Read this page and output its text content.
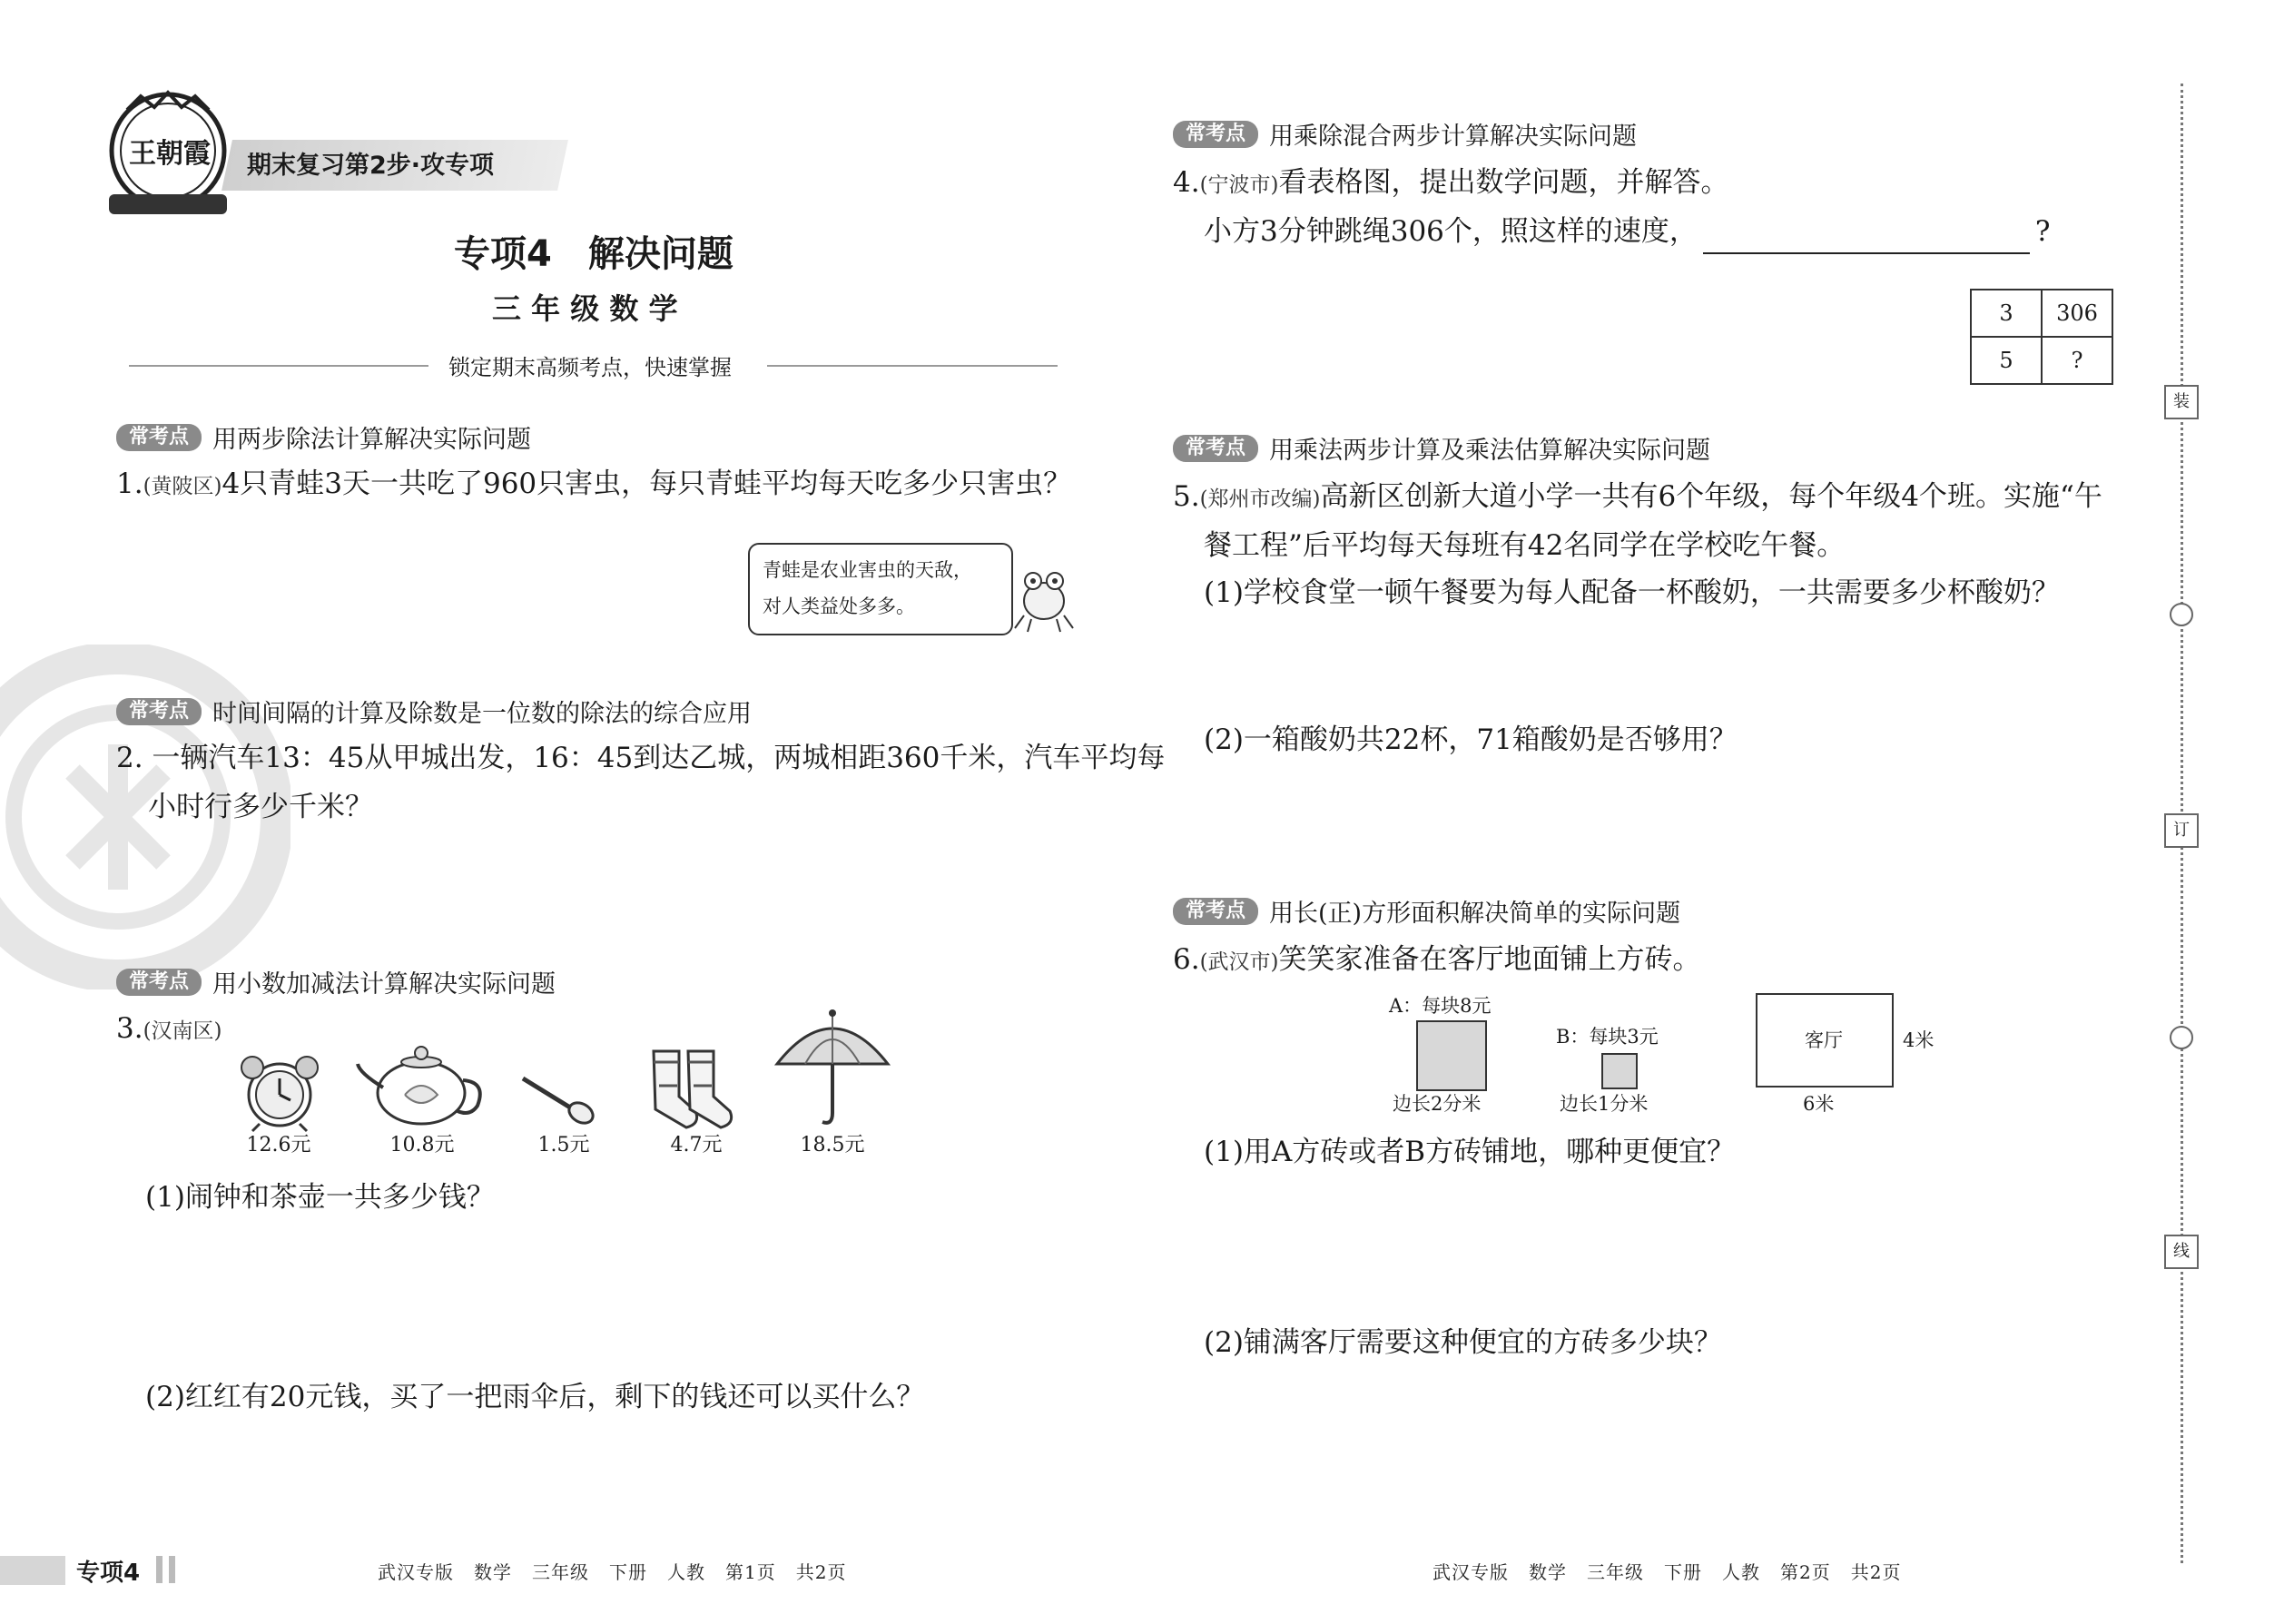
王朝霞	期末复习第2步·攻专项
专项4　解决问题
三 年 级 数 学
锁定期末高频考点，快速掌握
常考点 用两步除法计算解决实际问题
1.(黄陂区)4只青蛙3天一共吃了960只害虫，每只青蛙平均每天吃多少只害虫？
青蛙是农业害虫的天敌，
对人类益处多多。
常考点 时间间隔的计算及除数是一位数的除法的综合应用
2. 一辆汽车13：45从甲城出发，16：45到达乙城，两城相距360千米，汽车平均每
小时行多少千米？
常考点 用小数加减法计算解决实际问题
3.(汉南区)
12.6元	10.8元	1.5元	4.7元	18.5元
(1)闹钟和茶壶一共多少钱？
(2)红红有20元钱，买了一把雨伞后，剩下的钱还可以买什么？
常考点 用乘除混合两步计算解决实际问题
4.(宁波市)看表格图，提出数学问题，并解答。
小方3分钟跳绳306个，照这样的速度，	?
3	306
5	?
常考点 用乘法两步计算及乘法估算解决实际问题
5.(郑州市改编)高新区创新大道小学一共有6个年级，每个年级4个班。实施“午
餐工程”后平均每天每班有42名同学在学校吃午餐。
(1)学校食堂一顿午餐要为每人配备一杯酸奶，一共需要多少杯酸奶？
(2)一箱酸奶共22杯，71箱酸奶是否够用？
常考点 用长(正)方形面积解决简单的实际问题
6.(武汉市)笑笑家准备在客厅地面铺上方砖。
A：每块8元
边长2分米
B：每块3元
边长1分米
客厅	4米
6米
(1)用A方砖或者B方砖铺地，哪种更便宜？
(2)铺满客厅需要这种便宜的方砖多少块？
装
订
线
专项4	武汉专版 数学 三年级 下册 人教 第1页 共2页	武汉专版 数学 三年级 下册 人教 第2页 共2页
